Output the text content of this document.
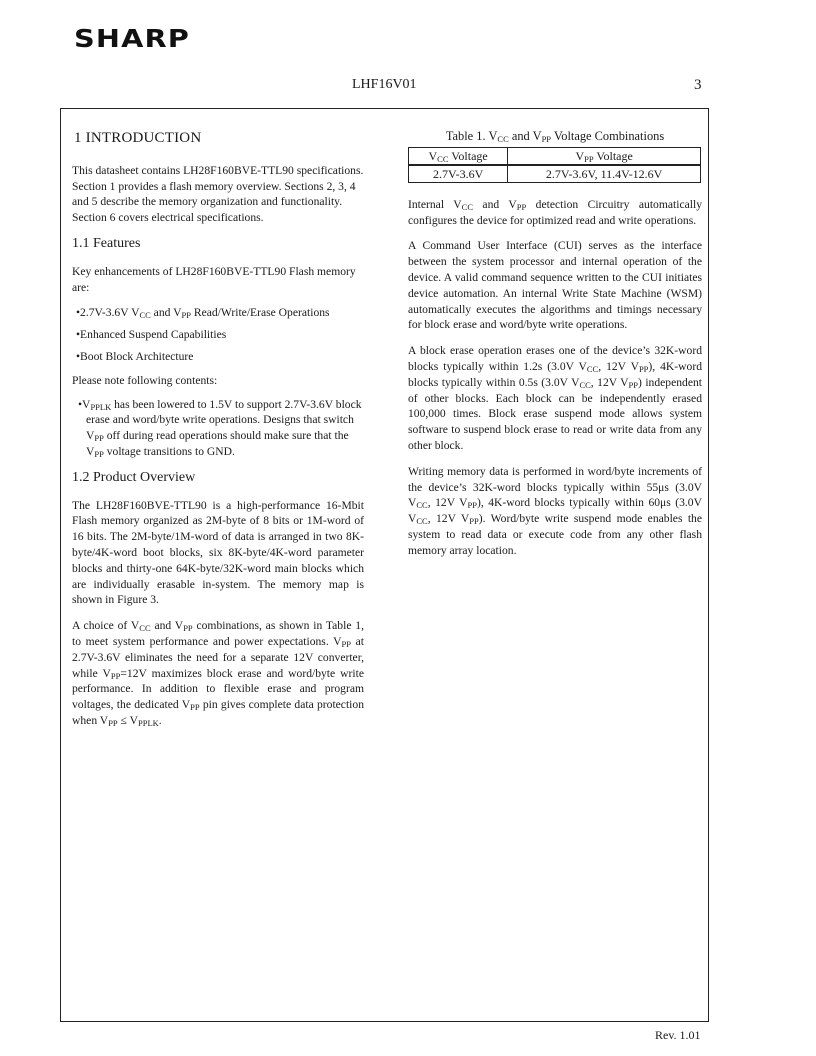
SHARP
LHF16V01	3
1 INTRODUCTION

This datasheet contains LH28F160BVE-TTL90 specifications. Section 1 provides a flash memory overview. Sections 2, 3, 4 and 5 describe the memory organization and functionality. Section 6 covers electrical specifications.

1.1 Features

Key enhancements of LH28F160BVE-TTL90 Flash memory are:

•2.7V-3.6V $V_{CC}$ and $V_{PP}$ Read/Write/Erase Operations
•Enhanced Suspend Capabilities
•Boot Block Architecture

Please note following contents:

$•V_{PPLK}$ has been lowered to 1.5V to support 2.7V-3.6V block erase and word/byte write operations. Designs that switch $V_{PP}$ off during read operations should make sure that the $V_{PP}$ voltage transitions to GND.
1.2 Product Overview

The LH28F160BVE-TTL90 is a high-performance 16-Mbit Flash memory organized as 2M-byte of 8 bits or 1M-word of 16 bits. The 2M-byte/1M-word of data is arranged in two 8K-byte/4K-word boot blocks, six 8K-byte/4K-word parameter blocks and thirty-one 64K-byte/32K-word main blocks which are individually erasable in-system. The memory map is shown in Figure 3.

A choice of $V_{CC}$ and $V_{PP}$ combinations, as shown in Table 1, to meet system performance and power expectations. $V_{PP}$ at 2.7V-3.6V eliminates the need for a separate 12V converter, while $V_{PP}=12V$ maximizes block erase and word/byte write performance. In addition to flexible erase and program voltages, the dedicated $V_{PP}$ pin gives complete data protection when $V_{PP} \le V_{PPLK}$.

Table 1. $V_{CC}$ and $V_{PP}$ Voltage Combinations
$V_{CC}$ Voltage	$V_{PP}$ Voltage
2.7V-3.6V	2.7V-3.6V, 11.4V-12.6V

Internal $V_{CC}$ and $V_{PP}$ detection Circuitry automatically configures the device for optimized read and write operations.

A Command User Interface (CUI) serves as the interface between the system processor and internal operation of the device. A valid command sequence written to the CUI initiates device automation. An internal Write State Machine (WSM) automatically executes the algorithms and timings necessary for block erase and word/byte write operations.

A block erase operation erases one of the device’s 32K-word blocks typically within 1.2s (3.0V $V_{CC}$, 12V $V_{PP}$), 4K-word blocks typically within 0.5s (3.0V $V_{CC}$, 12V $V_{PP}$) independent of other blocks. Each block can be independently erased 100,000 times. Block erase suspend mode allows system software to suspend block erase to read or write data from any other block.

Writing memory data is performed in word/byte increments of the device’s 32K-word blocks typically within 55μs (3.0V $V_{CC}$, 12V $V_{PP}$), 4K-word blocks typically within 60μs (3.0V $V_{CC}$, 12V $V_{PP}$). Word/byte write suspend mode enables the system to read data or execute code from any other flash memory array location.

Rev. 1.01
